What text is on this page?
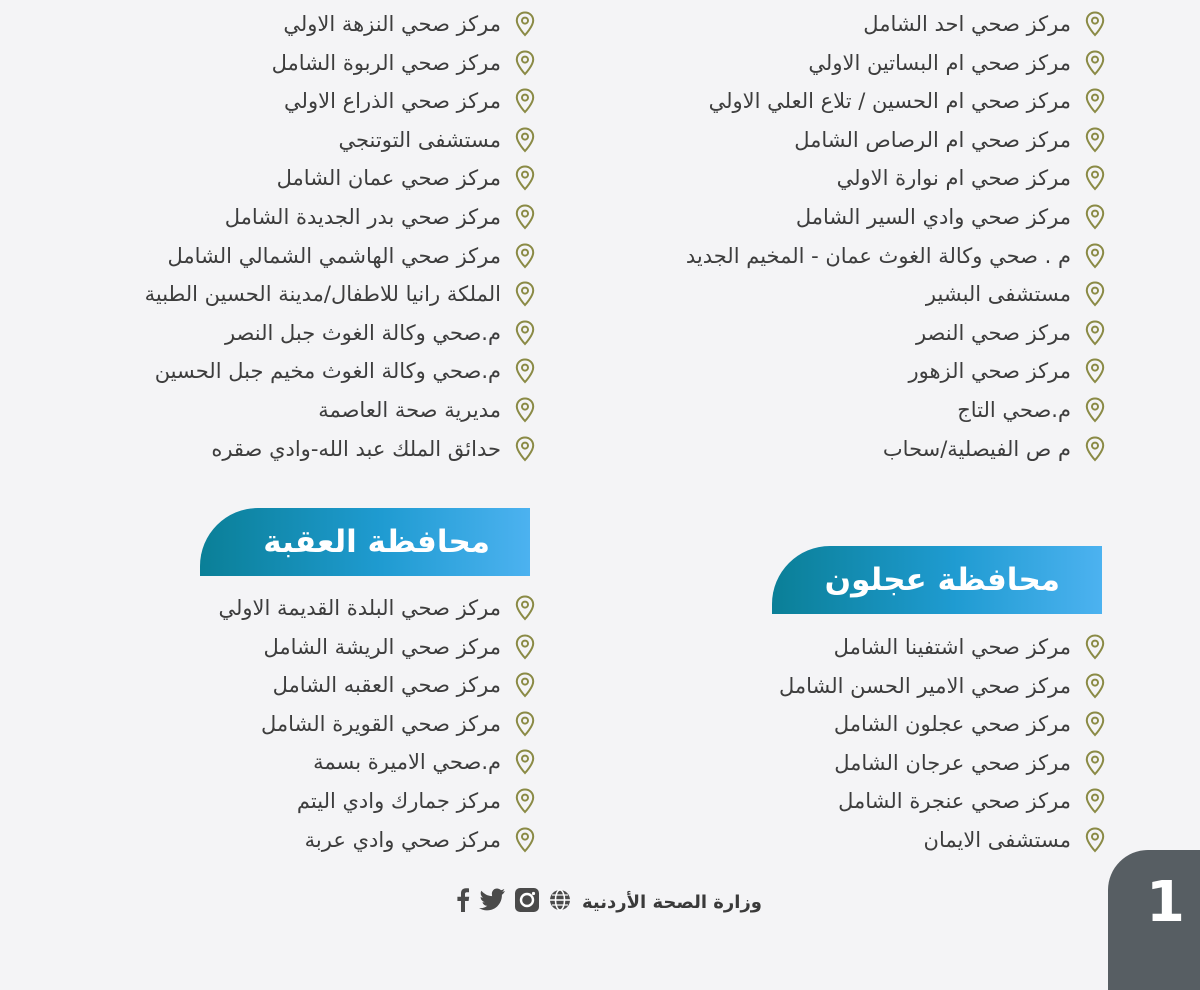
مركز صحي احد الشامل
مركز صحي ام البساتين الاولي
مركز صحي ام الحسين / تلاع العلي الاولي
مركز صحي ام الرصاص الشامل
مركز صحي ام نوارة الاولي
مركز صحي وادي السير الشامل
م . صحي وكالة الغوث عمان - المخيم الجديد
مستشفى البشير
مركز صحي النصر
مركز صحي الزهور
م.صحي التاج
م ص الفيصلية/سحاب
مركز صحي النزهة الاولي
مركز صحي الربوة الشامل
مركز صحي الذراع الاولي
مستشفى التوتنجي
مركز صحي عمان الشامل
مركز صحي بدر الجديدة الشامل
مركز صحي الهاشمي الشمالي الشامل
الملكة رانيا للاطفال/مدينة الحسين الطبية
م.صحي وكالة الغوث جبل النصر
م.صحي وكالة الغوث مخيم جبل الحسين
مديرية صحة العاصمة
حدائق الملك عبد الله-وادي صقره
محافظة العقبة
مركز صحي البلدة القديمة الاولي
مركز صحي الريشة الشامل
مركز صحي العقبه الشامل
مركز صحي القويرة الشامل
م.صحي الاميرة بسمة
مركز جمارك وادي اليتم
مركز صحي وادي عربة
محافظة عجلون
مركز صحي اشتفينا الشامل
مركز صحي الامير الحسن الشامل
مركز صحي عجلون الشامل
مركز صحي عرجان الشامل
مركز صحي عنجرة الشامل
مستشفى الايمان
وزارة الصحة الأردنية	1
